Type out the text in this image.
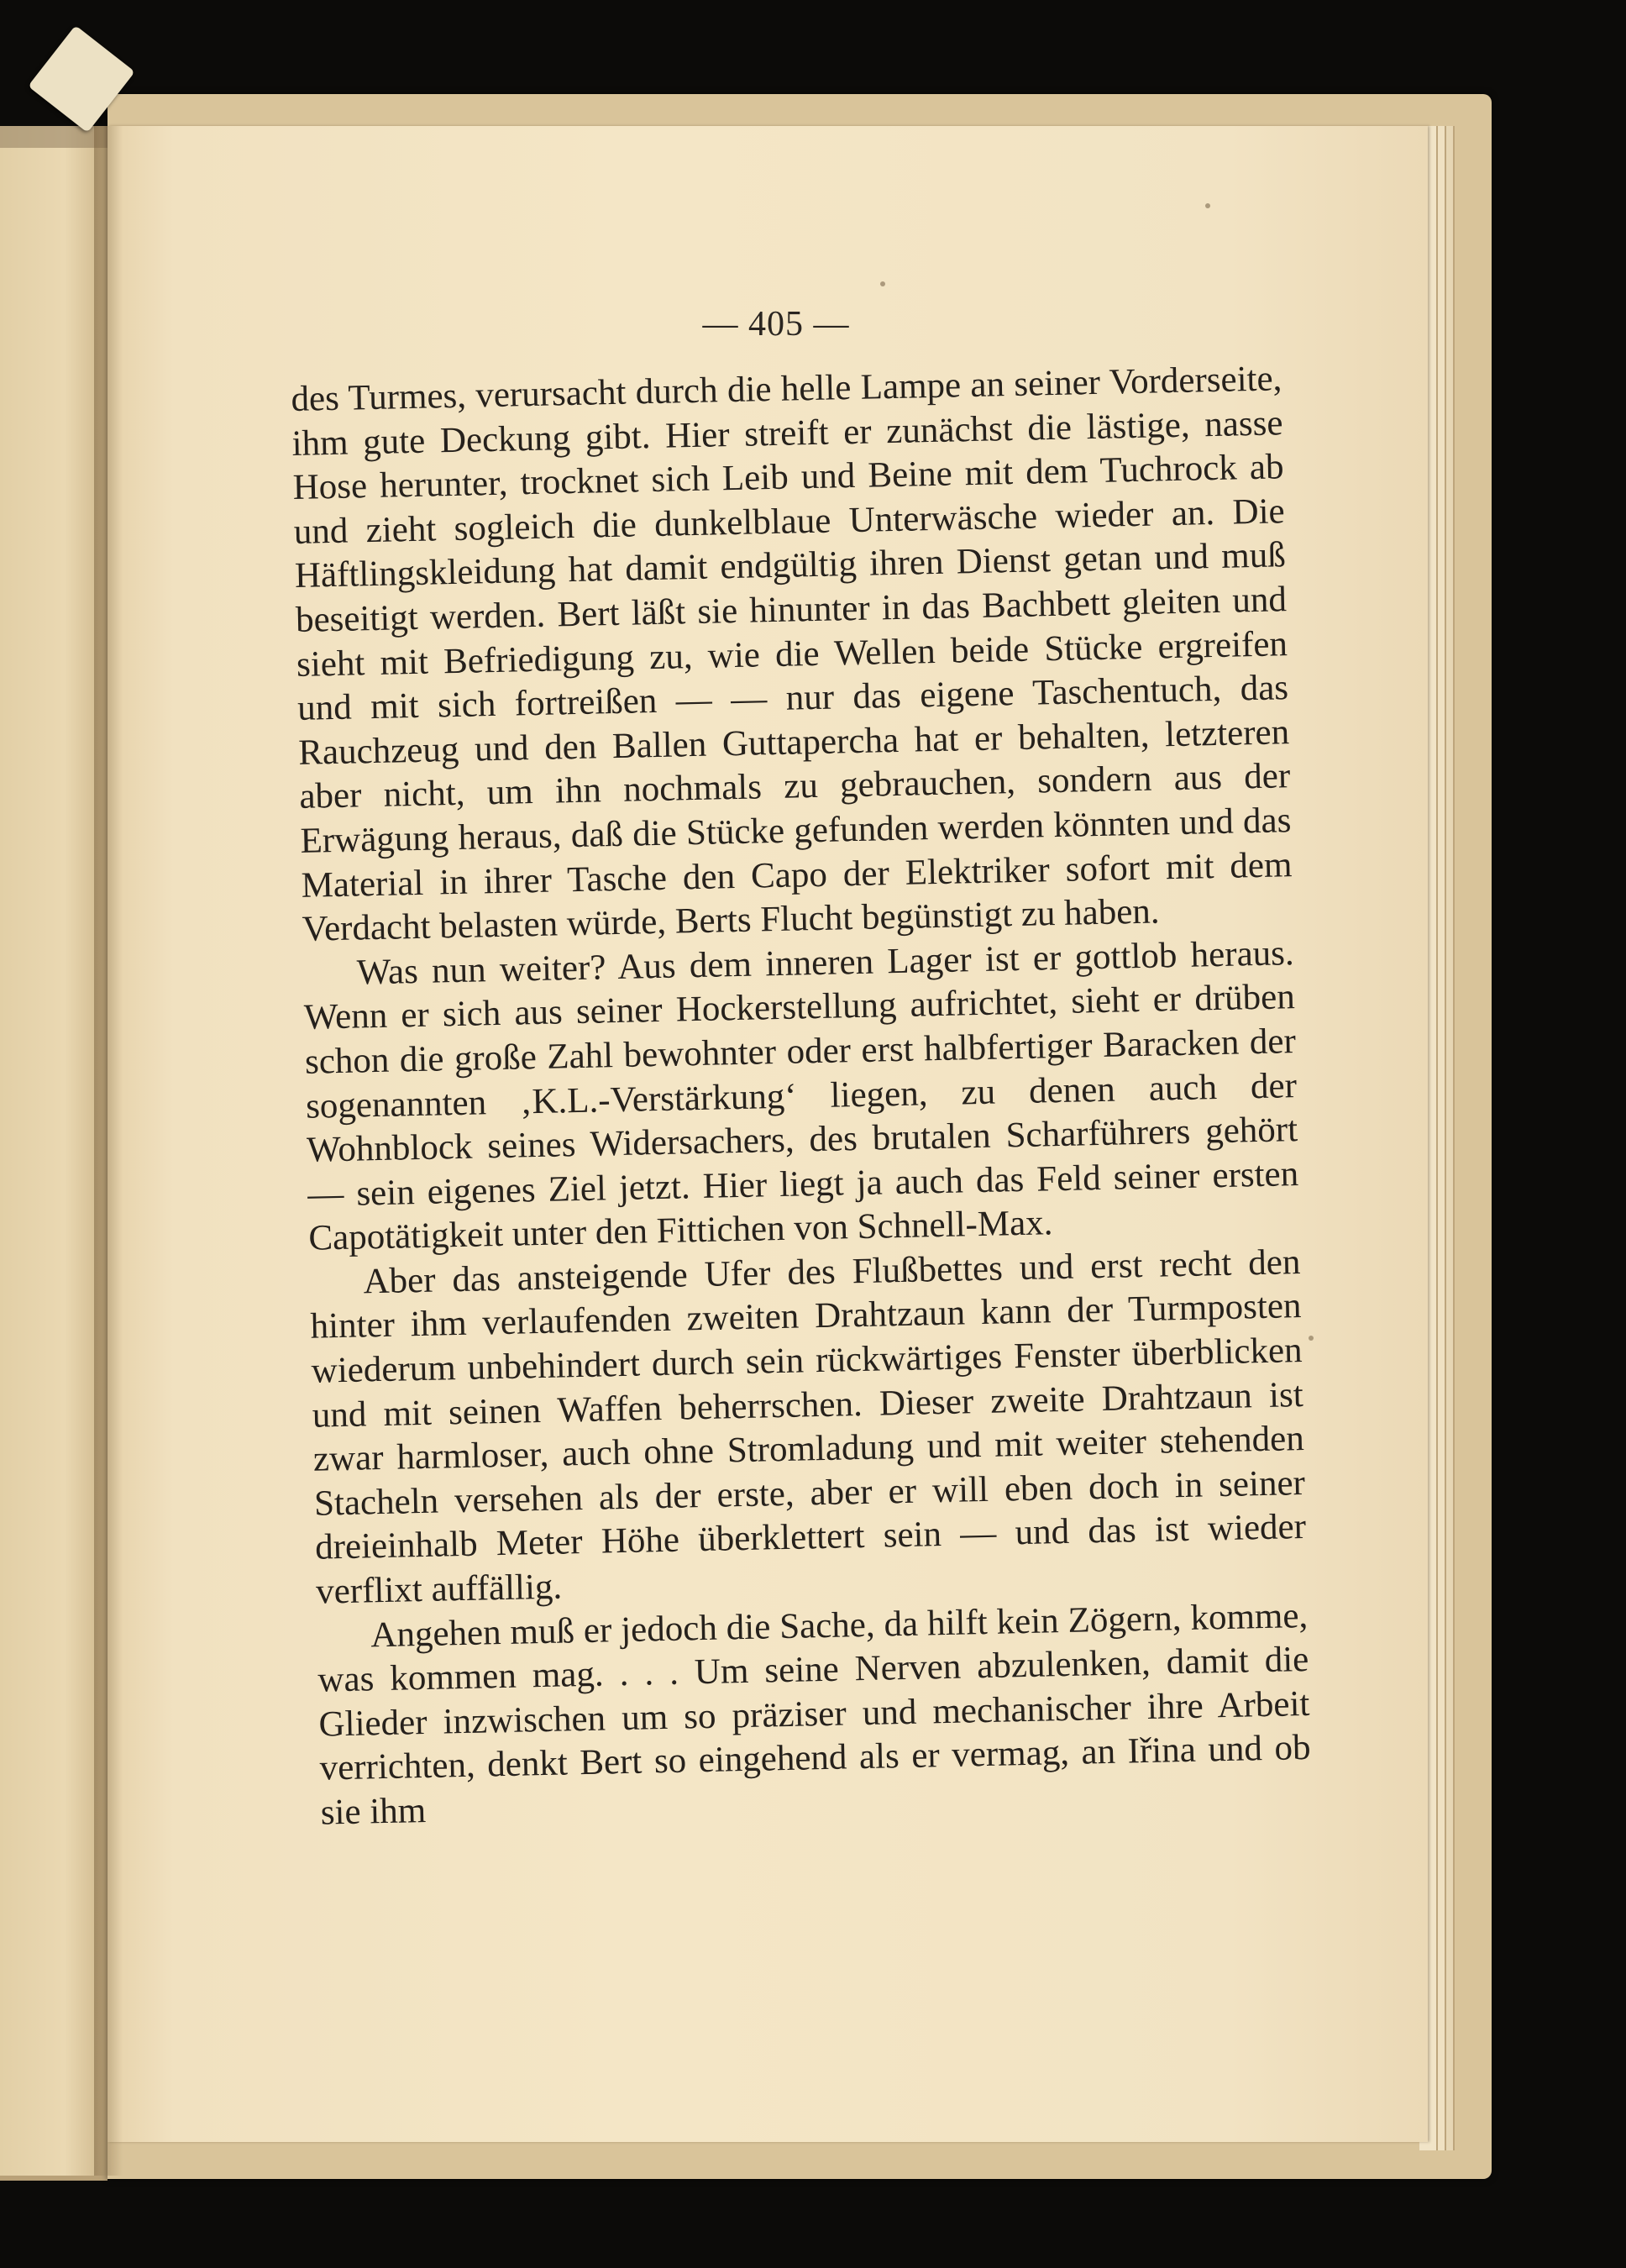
— 405 —

des Turmes, verursacht durch die helle Lampe an seiner Vorderseite, ihm gute Deckung gibt. Hier streift er zunächst die lästige, nasse Hose herunter, trocknet sich Leib und Beine mit dem Tuchrock ab und zieht sogleich die dunkelblaue Unterwäsche wieder an. Die Häftlingskleidung hat damit endgültig ihren Dienst getan und muß beseitigt werden. Bert läßt sie hinunter in das Bachbett gleiten und sieht mit Befriedigung zu, wie die Wellen beide Stücke ergreifen und mit sich fortreißen — — nur das eigene Taschentuch, das Rauchzeug und den Ballen Guttapercha hat er behalten, letzteren aber nicht, um ihn nochmals zu gebrauchen, sondern aus der Erwägung heraus, daß die Stücke gefunden werden könnten und das Material in ihrer Tasche den Capo der Elektriker sofort mit dem Verdacht belasten würde, Berts Flucht begünstigt zu haben.

Was nun weiter? Aus dem inneren Lager ist er gottlob heraus. Wenn er sich aus seiner Hockerstellung aufrichtet, sieht er drüben schon die große Zahl bewohnter oder erst halbfertiger Baracken der sogenannten ‚K.L.-Verstärkung‘ liegen, zu denen auch der Wohnblock seines Widersachers, des brutalen Scharführers gehört — sein eigenes Ziel jetzt. Hier liegt ja auch das Feld seiner ersten Capotätigkeit unter den Fittichen von Schnell-Max.

Aber das ansteigende Ufer des Flußbettes und erst recht den hinter ihm verlaufenden zweiten Drahtzaun kann der Turmposten wiederum unbehindert durch sein rückwärtiges Fenster überblicken und mit seinen Waffen beherrschen. Dieser zweite Drahtzaun ist zwar harmloser, auch ohne Stromladung und mit weiter stehenden Stacheln versehen als der erste, aber er will eben doch in seiner dreieinhalb Meter Höhe überklettert sein — und das ist wieder verflixt auffällig.

Angehen muß er jedoch die Sache, da hilft kein Zögern, komme, was kommen mag. . . . Um seine Nerven abzulenken, damit die Glieder inzwischen um so präziser und mechanischer ihre Arbeit verrichten, denkt Bert so eingehend als er vermag, an Iřina und ob sie ihm
